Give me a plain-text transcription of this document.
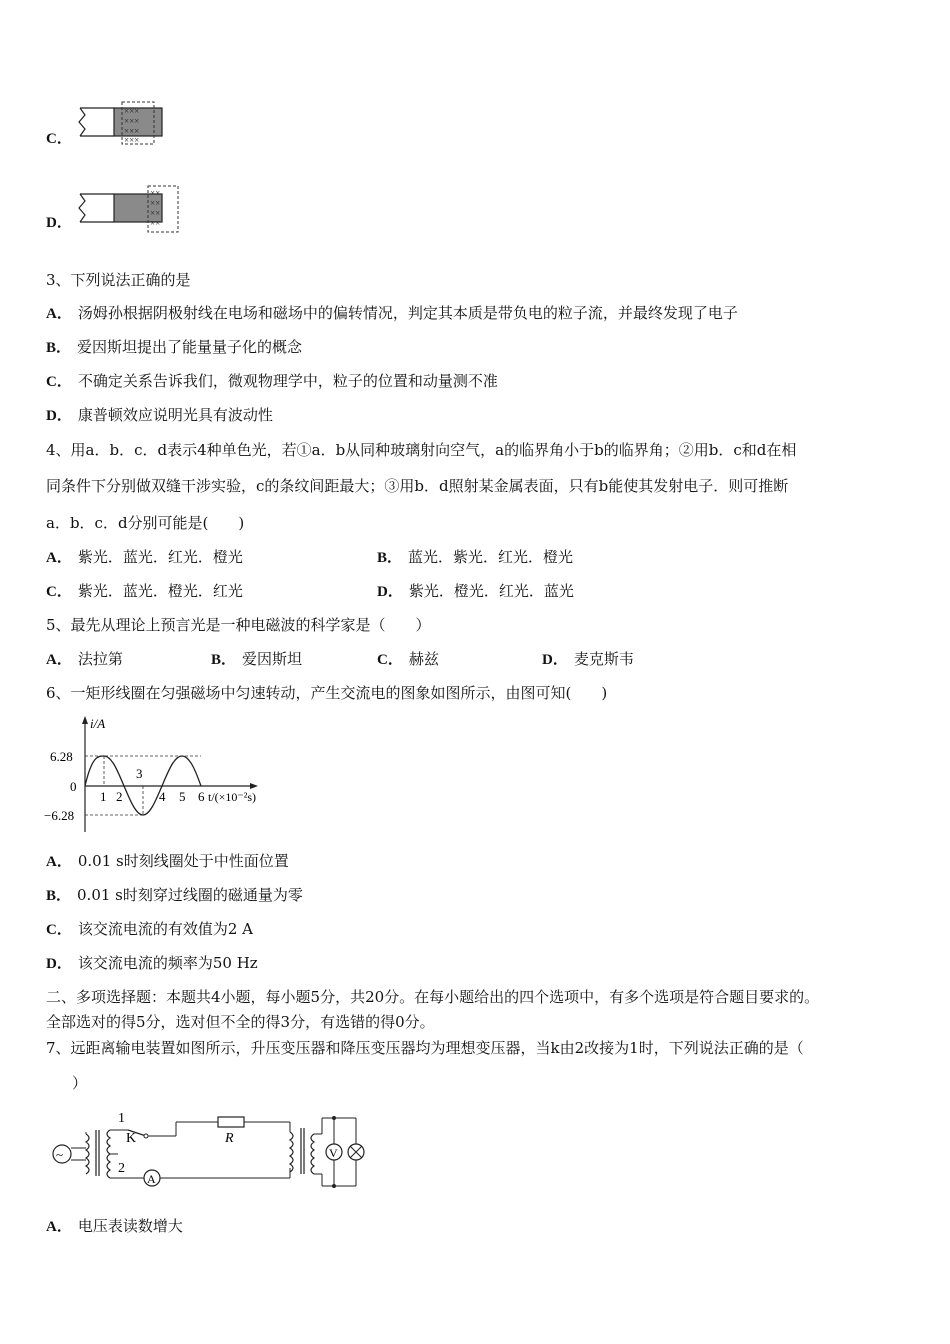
C．
×××
×××
×××
×××
D．
××
××
××
××
3、下列说法正确的是
A． 汤姆孙根据阴极射线在电场和磁场中的偏转情况，判定其本质是带负电的粒子流，并最终发现了电子
B． 爱因斯坦提出了能量量子化的概念
C． 不确定关系告诉我们，微观物理学中，粒子的位置和动量测不准
D． 康普顿效应说明光具有波动性
4、用a．b．c．d表示4种单色光，若①a．b从同种玻璃射向空气，a的临界角小于b的临界角；②用b．c和d在相
同条件下分别做双缝干涉实验，c的条纹间距最大；③用b．d照射某金属表面，只有b能使其发射电子．则可推断
a．b．c．d分别可能是(　　)
A． 紫光．蓝光．红光．橙光	B． 蓝光．紫光．红光．橙光
C． 紫光．蓝光．橙光．红光	D． 紫光．橙光．红光．蓝光
5、最先从理论上预言光是一种电磁波的科学家是（　　）
A． 法拉第	B． 爱因斯坦	C． 赫兹	D． 麦克斯韦
6、一矩形线圈在匀强磁场中匀速转动，产生交流电的图象如图所示，由图可知(　　)
i/A
6.28
0
−6.28
1 2
3
4 5 6 t/(×10⁻²s)
A． 0.01 s时刻线圈处于中性面位置
B． 0.01 s时刻穿过线圈的磁通量为零
C． 该交流电流的有效值为2 A
D． 该交流电流的频率为50 Hz
二、多项选择题：本题共4小题，每小题5分，共20分。在每小题给出的四个选项中，有多个选项是符合题目要求的。
全部选对的得5分，选对但不全的得3分，有选错的得0分。
7、远距离输电装置如图所示，升压变压器和降压变压器均为理想变压器，当k由2改接为1时，下列说法正确的是（
）
~
1
K
2
R
A
V
A． 电压表读数增大
